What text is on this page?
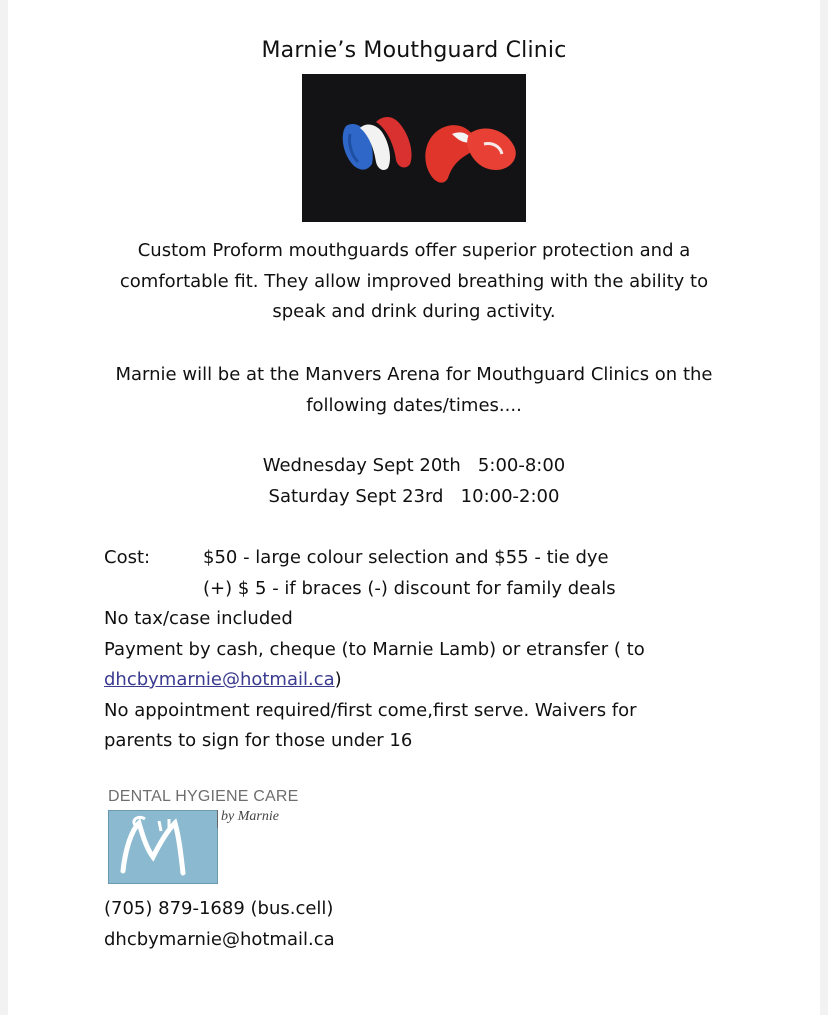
Marnie’s Mouthguard Clinic
Custom Proform mouthguards offer superior protection and a
comfortable fit. They allow improved breathing with the ability to
speak and drink during activity.
Marnie will be at the Manvers Arena for Mouthguard Clinics on the
following dates/times....
Wednesday Sept 20th 5:00-8:00
Saturday Sept 23rd 10:00-2:00
Cost:	$50 - large colour selection and $55 - tie dye
(+) $ 5 - if braces (-) discount for family deals
No tax/case included
Payment by cash, cheque (to Marnie Lamb) or etransfer ( to
dhcbymarnie@hotmail.ca)
No appointment required/first come,first serve. Waivers for
parents to sign for those under 16
DENTAL HYGIENE CARE
by Marnie
(705) 879-1689 (bus.cell)
dhcbymarnie@hotmail.ca
